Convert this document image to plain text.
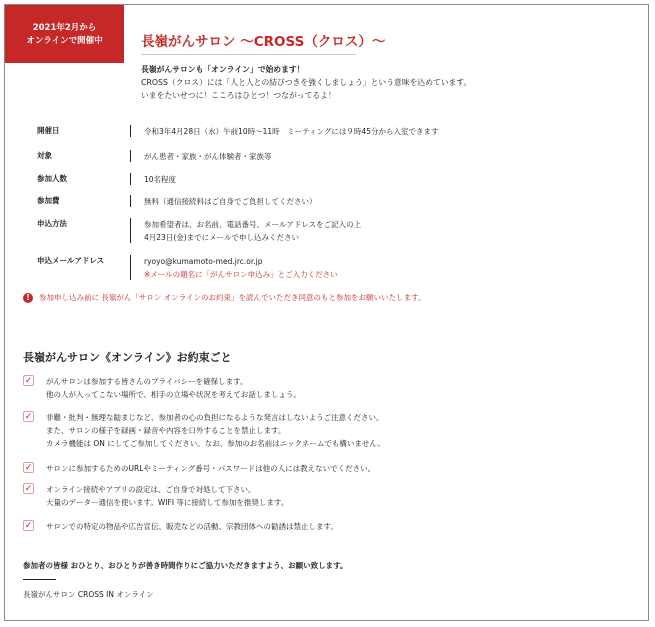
2021年2月から
オンラインで開催中	長嶺がんサロン ～CROSS（クロス）～
長嶺がんサロンも「オンライン」で始めます！
CROSS（クロス）には「人と人との結びつきを強くしましょう」という意味を込めています。
いまをたいせつに！こころはひとつ！つながってるよ！
開催日	令和3年4月28日（水）午前10時～11時　ミーティングには９時45分から入室できます
対象	がん患者・家族・がん体験者・家族等
参加人数	10名程度
参加費	無料（通信接続料はご自身でご負担してください）
申込方法	参加希望者は、お名前、電話番号、メールアドレスをご記入の上
4月23日(金)までにメールで申し込みください
申込メールアドレス	ryoyo@kumamoto-med.jrc.or.jp
※メールの題名に「がんサロン申込み」とご入力ください
! 参加申し込み前に 長嶺がん「サロン オンラインのお約束」を読んでいただき同意のもと参加をお願いいたします。
長嶺がんサロン《オンライン》お約束ごと
✓ がんサロンは参加する皆さんのプライバシーを確保します。
他の人が入ってこない場所で、相手の立場や状況を考えてお話しましょう。
✓ 非難・批判・無理な勧まじなど、参加者の心の負担になるような発言はしないようご注意ください。
また、サロンの様子を録画・録音や内容を口外することを禁止します。
カメラ機能は ON にしてご参加してください。なお、参加のお名前はニックネームでも構いません。
✓ サロンに参加するためのURLやミーティング番号・パスワードは他の人には教えないでください。
✓ オンライン接続やアプリの設定は、ご自身で対処して下さい。
大量のデーター通信を使います。WIFI 等に接続して参加を推奨します。
✓ サロンでの特定の物品や広告宣伝、販売などの活動、宗教団体への勧誘は禁止します。
参加者の皆様 おひとり、おひとりが善き時間作りにご協力いただきますよう、お願い致します。
長嶺がんサロン CROSS IN オンライン
